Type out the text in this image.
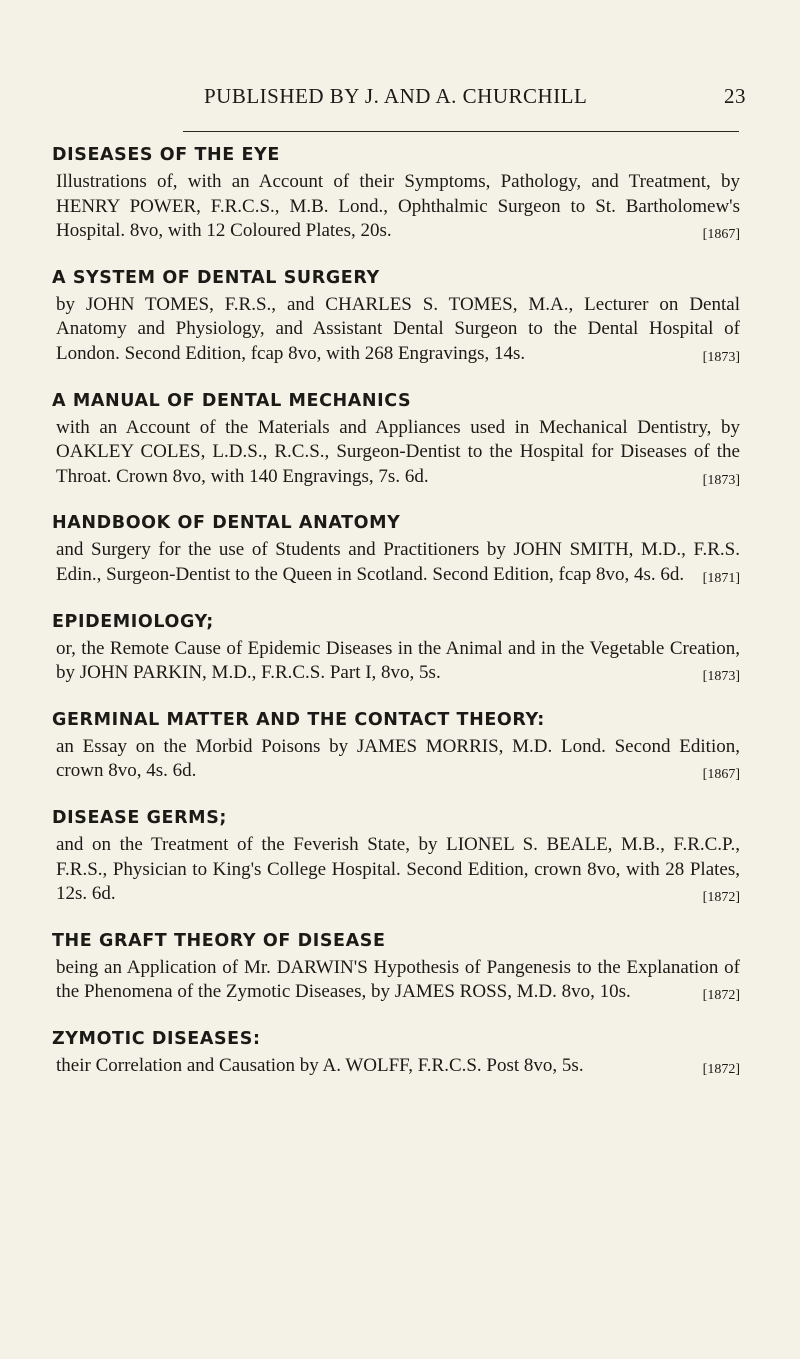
PUBLISHED BY J. AND A. CHURCHILL	23
DISEASES OF THE EYE
Illustrations of, with an Account of their Symptoms, Pathology, and Treatment, by HENRY POWER, F.R.C.S., M.B. Lond., Ophthalmic Surgeon to St. Bartholomew's Hospital. 8vo, with 12 Coloured Plates, 20s.	[1867]
A SYSTEM OF DENTAL SURGERY
by JOHN TOMES, F.R.S., and CHARLES S. TOMES, M.A., Lecturer on Dental Anatomy and Physiology, and Assistant Dental Surgeon to the Dental Hospital of London. Second Edition, fcap 8vo, with 268 Engravings, 14s.	[1873]
A MANUAL OF DENTAL MECHANICS
with an Account of the Materials and Appliances used in Mechanical Dentistry, by OAKLEY COLES, L.D.S., R.C.S., Surgeon-Dentist to the Hospital for Diseases of the Throat. Crown 8vo, with 140 Engravings, 7s. 6d.	[1873]
HANDBOOK OF DENTAL ANATOMY
and Surgery for the use of Students and Practitioners by JOHN SMITH, M.D., F.R.S. Edin., Surgeon-Dentist to the Queen in Scotland. Second Edition, fcap 8vo, 4s. 6d. [1871]
EPIDEMIOLOGY;
or, the Remote Cause of Epidemic Diseases in the Animal and in the Vegetable Creation, by JOHN PARKIN, M.D., F.R.C.S. Part I, 8vo, 5s.	[1873]
GERMINAL MATTER AND THE CONTACT THEORY:
an Essay on the Morbid Poisons by JAMES MORRIS, M.D. Lond. Second Edition, crown 8vo, 4s. 6d.	[1867]
DISEASE GERMS;
and on the Treatment of the Feverish State, by LIONEL S. BEALE, M.B., F.R.C.P., F.R.S., Physician to King's College Hospital. Second Edition, crown 8vo, with 28 Plates, 12s. 6d.	[1872]
THE GRAFT THEORY OF DISEASE
being an Application of Mr. DARWIN'S Hypothesis of Pangenesis to the Explanation of the Phenomena of the Zymotic Diseases, by JAMES ROSS, M.D. 8vo, 10s.	[1872]
ZYMOTIC DISEASES:
their Correlation and Causation by A. WOLFF, F.R.C.S. Post 8vo, 5s.	[1872]
